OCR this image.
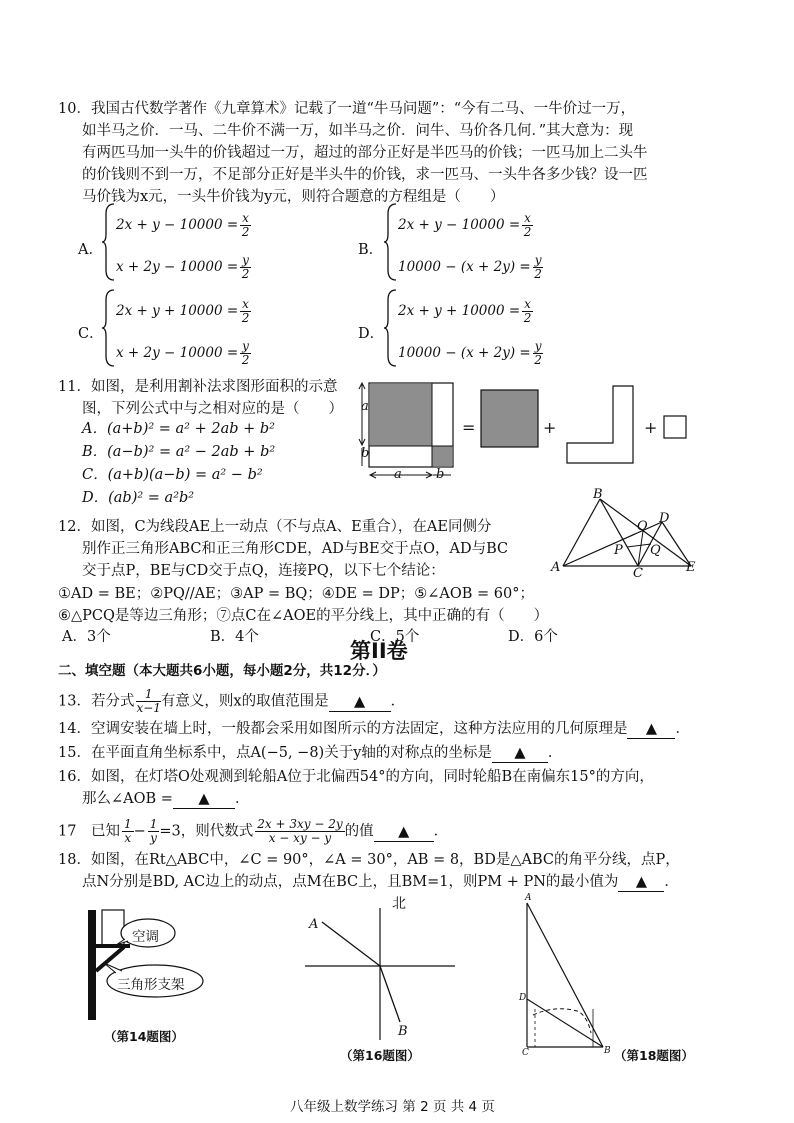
10．我国古代数学著作《九章算术》记载了一道“牛马问题”：“今有二马、一牛价过一万，
如半马之价．一马、二牛价不满一万，如半马之价．问牛、马价各几何．”其大意为：现
有两匹马加一头牛的价钱超过一万，超过的部分正好是半匹马的价钱；一匹马加上二头牛
的价钱则不到一万，不足部分正好是半头牛的价钱，求一匹马、一头牛各多少钱？设一匹
马价钱为x元，一头牛价钱为y元，则符合题意的方程组是（　　）
A．
$2x + y - 10000 = \frac{x}{2}$
$x + 2y - 10000 = \frac{y}{2}$
B．
$2x + y - 10000 = \frac{x}{2}$
$10000 - (x + 2y) = \frac{y}{2}$
C．
$2x + y + 10000 = \frac{x}{2}$
$x + 2y - 10000 = \frac{y}{2}$
D．
$2x + y + 10000 = \frac{x}{2}$
$10000 - (x + 2y) = \frac{y}{2}$
11．如图，是利用割补法求图形面积的示意
图，下列公式中与之相对应的是（　　）
A．(a+b)² = a² + 2ab + b²
B．(a−b)² = a² − 2ab + b²
C．(a+b)(a−b) = a² − b²
D．(ab)² = a²b²
a
b
a	b
=	+	+
12．如图，C为线段AE上一动点（不与点A、E重合），在AE同侧分
别作正三角形ABC和正三角形CDE，AD与BE交于点O，AD与BC
交于点P，BE与CD交于点Q，连接PQ，以下七个结论：
①AD = BE；②PQ//AE；③AP = BQ；④DE = DP；⑤∠AOB = 60°；
⑥△PCQ是等边三角形；⑦点C在∠AOE的平分线上，其中正确的有（　　）
A．3个	B．4个	C．5个	D．6个
B
D
O
P Q
A	C	E
第II卷
二、填空题（本大题共6小题，每小题2分，共12分．）
13．若分式 $\frac{1}{x-1}$ 有意义，则x的取值范围是 ▲ ．
14．空调安装在墙上时，一般都会采用如图所示的方法固定，这种方法应用的几何原理是 ▲ ．
15．在平面直角坐标系中，点A(−5, −8)关于y轴的对称点的坐标是 ▲ ．
16．如图，在灯塔O处观测到轮船A位于北偏西54°的方向，同时轮船B在南偏东15°的方向，
那么∠AOB = ▲ ．
17　已知 $\frac{1}{x} - \frac{1}{y} =3$，则代数式 $\frac{2x + 3xy - 2y}{x - xy - y}$ 的值 ▲ ．
18．如图，在Rt△ABC中，∠C = 90°，∠A = 30°，AB = 8，BD是△ABC的角平分线，点P，
点N分别是BD, AC边上的动点，点M在BC上，且BM=1，则PM + PN的最小值为 ▲ ．
空调
三角形支架
（第14题图）
北
A
B
（第16题图）
A
D
C	B （第18题图）
八年级上数学练习 第 2 页 共 4 页
